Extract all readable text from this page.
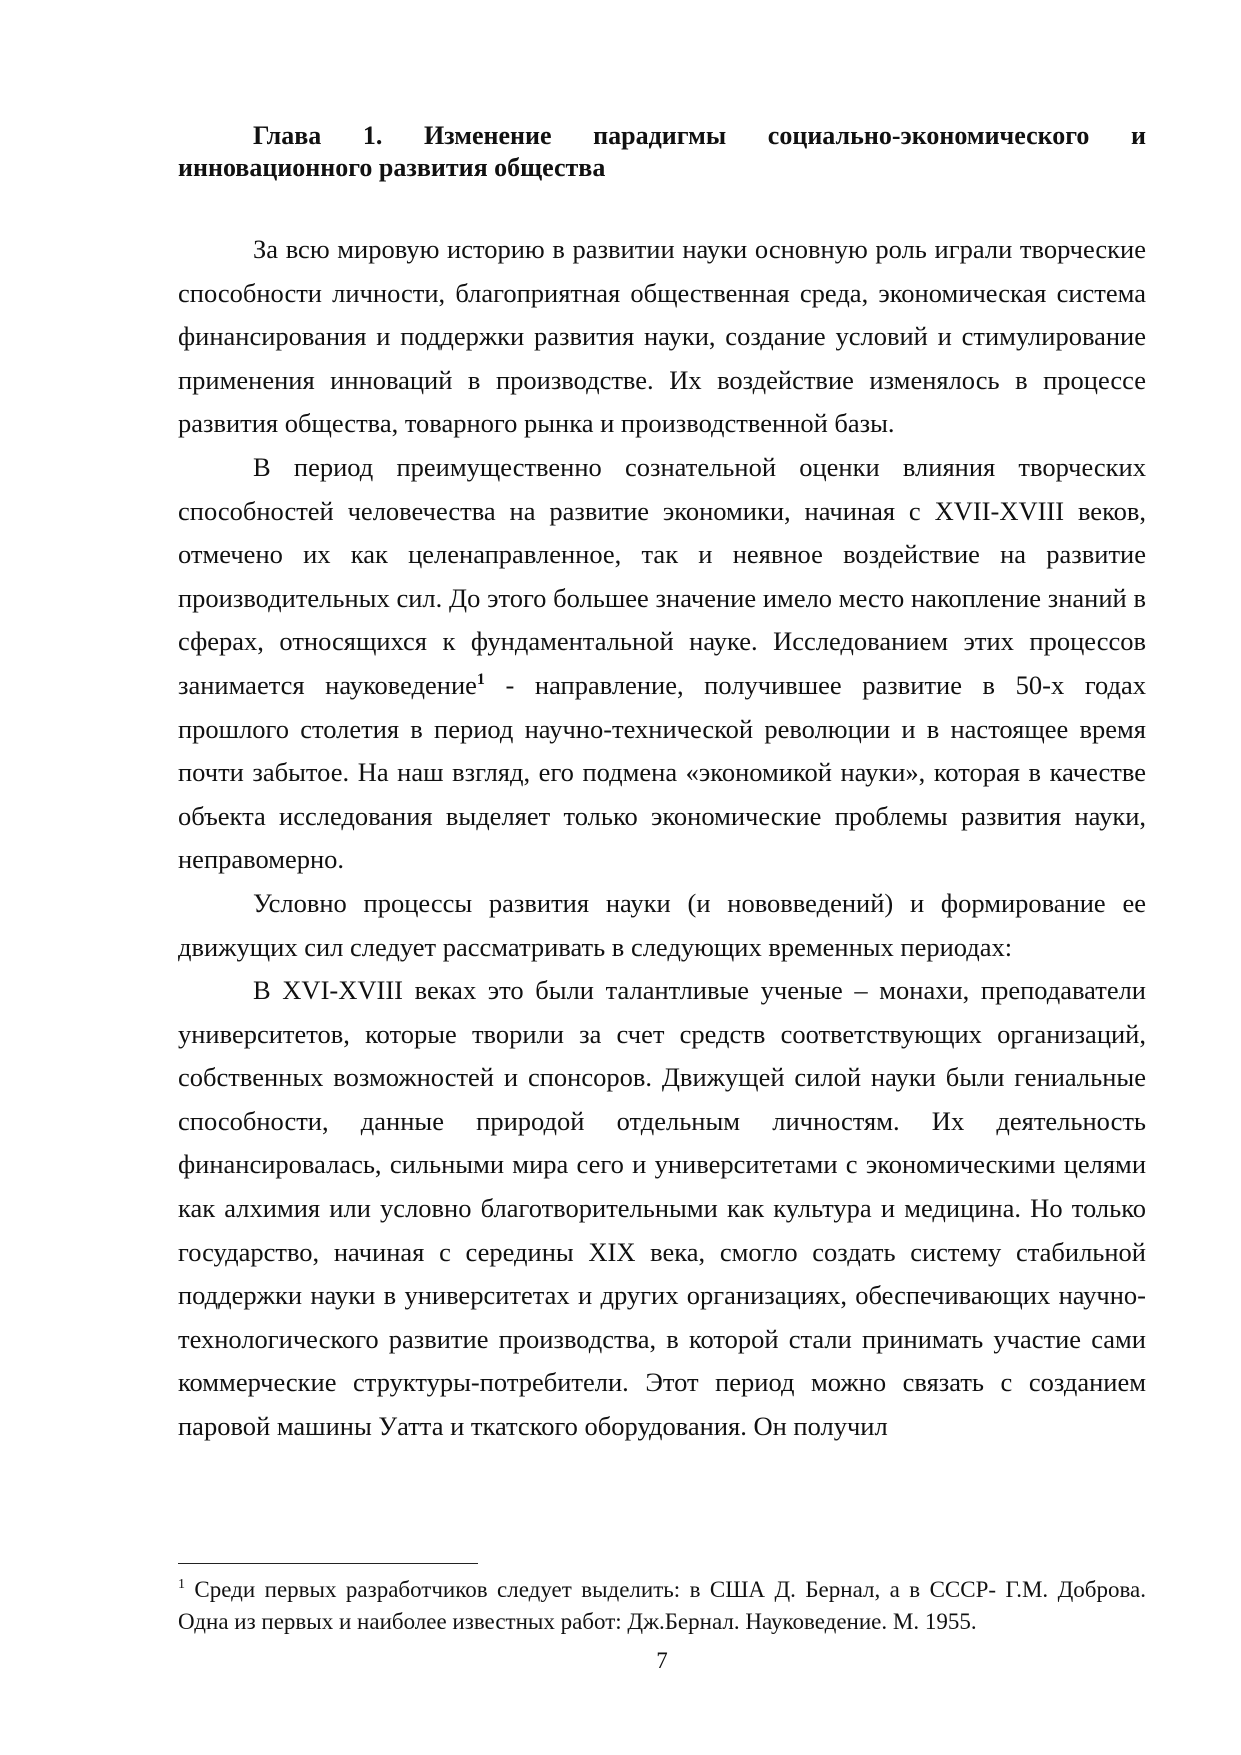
Глава 1. Изменение парадигмы социально-экономического и инновационного развития общества

За всю мировую историю в развитии науки основную роль играли творческие способности личности, благоприятная общественная среда, экономическая система финансирования и поддержки развития науки, создание условий и стимулирование применения инноваций в производстве. Их воздействие изменялось в процессе развития общества, товарного рынка и производственной базы.

В период преимущественно сознательной оценки влияния творческих способностей человечества на развитие экономики, начиная с XVII-XVIII веков, отмечено их как целенаправленное, так и неявное воздействие на развитие производительных сил. До этого большее значение имело место накопление знаний в сферах, относящихся к фундаментальной науке. Исследованием этих процессов занимается науковедение$^1$ - направление, получившее развитие в 50-х годах прошлого столетия в период научно-технической революции и в настоящее время почти забытое. На наш взгляд, его подмена «экономикой науки», которая в качестве объекта исследования выделяет только экономические проблемы развития науки, неправомерно.

Условно процессы развития науки (и нововведений) и формирование ее движущих сил следует рассматривать в следующих временных периодах:

В XVI-XVIII веках это были талантливые ученые – монахи, преподаватели университетов, которые творили за счет средств соответствующих организаций, собственных возможностей и спонсоров. Движущей силой науки были гениальные способности, данные природой отдельным личностям. Их деятельность финансировалась, сильными мира сего и университетами с экономическими целями как алхимия или условно благотворительными как культура и медицина. Но только государство, начиная с середины XIX века, смогло создать систему стабильной поддержки науки в университетах и других организациях, обеспечивающих научно-технологического развитие производства, в которой стали принимать участие сами коммерческие структуры-потребители. Этот период можно связать с созданием паровой машины Уатта и ткатского оборудования. Он получил

$^1$ Среди первых разработчиков следует выделить: в США Д. Бернал, а в СССР- Г.М. Доброва. Одна из первых и наиболее известных работ: Дж.Бернал. Науковедение. М. 1955.

7
